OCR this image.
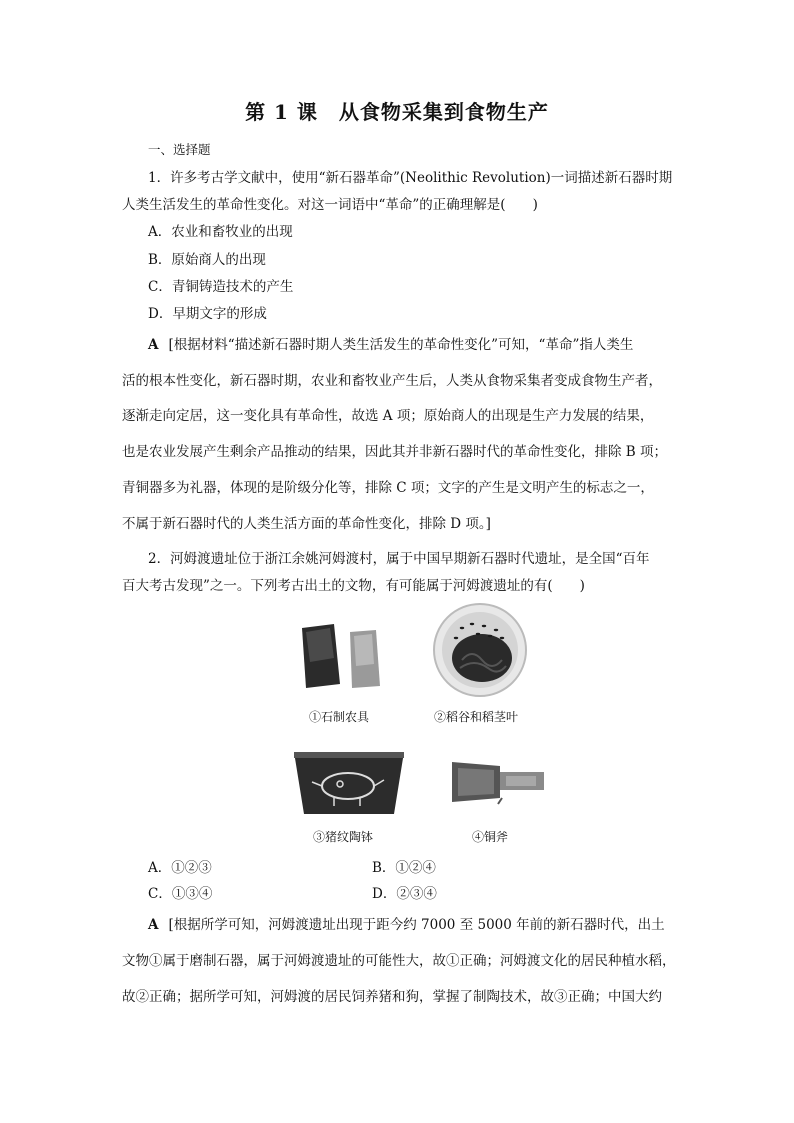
第 1 课　从食物采集到食物生产
一、选择题
1．许多考古学文献中，使用“新石器革命”(Neolithic Revolution)一词描述新石器时期
人类生活发生的革命性变化。对这一词语中“革命”的正确理解是(　　)
A．农业和畜牧业的出现
B．原始商人的出现
C．青铜铸造技术的产生
D．早期文字的形成
A [根据材料“描述新石器时期人类生活发生的革命性变化”可知，“革命”指人类生
活的根本性变化，新石器时期，农业和畜牧业产生后，人类从食物采集者变成食物生产者，
逐渐走向定居，这一变化具有革命性，故选 A 项；原始商人的出现是生产力发展的结果，
也是农业发展产生剩余产品推动的结果，因此其并非新石器时代的革命性变化，排除 B 项；
青铜器多为礼器，体现的是阶级分化等，排除 C 项；文字的产生是文明产生的标志之一，
不属于新石器时代的人类生活方面的革命性变化，排除 D 项。]
2．河姆渡遗址位于浙江余姚河姆渡村，属于中国早期新石器时代遗址，是全国“百年
百大考古发现”之一。下列考古出土的文物，有可能属于河姆渡遗址的有(　　)
①石制农具	②稻谷和稻茎叶
③猪纹陶钵	④铜斧
A．①②③	B．①②④
C．①③④	D．②③④
A [根据所学可知，河姆渡遗址出现于距今约 7000 至 5000 年前的新石器时代，出土
文物①属于磨制石器，属于河姆渡遗址的可能性大，故①正确；河姆渡文化的居民种植水稻，
故②正确；据所学可知，河姆渡的居民饲养猪和狗，掌握了制陶技术，故③正确；中国大约
